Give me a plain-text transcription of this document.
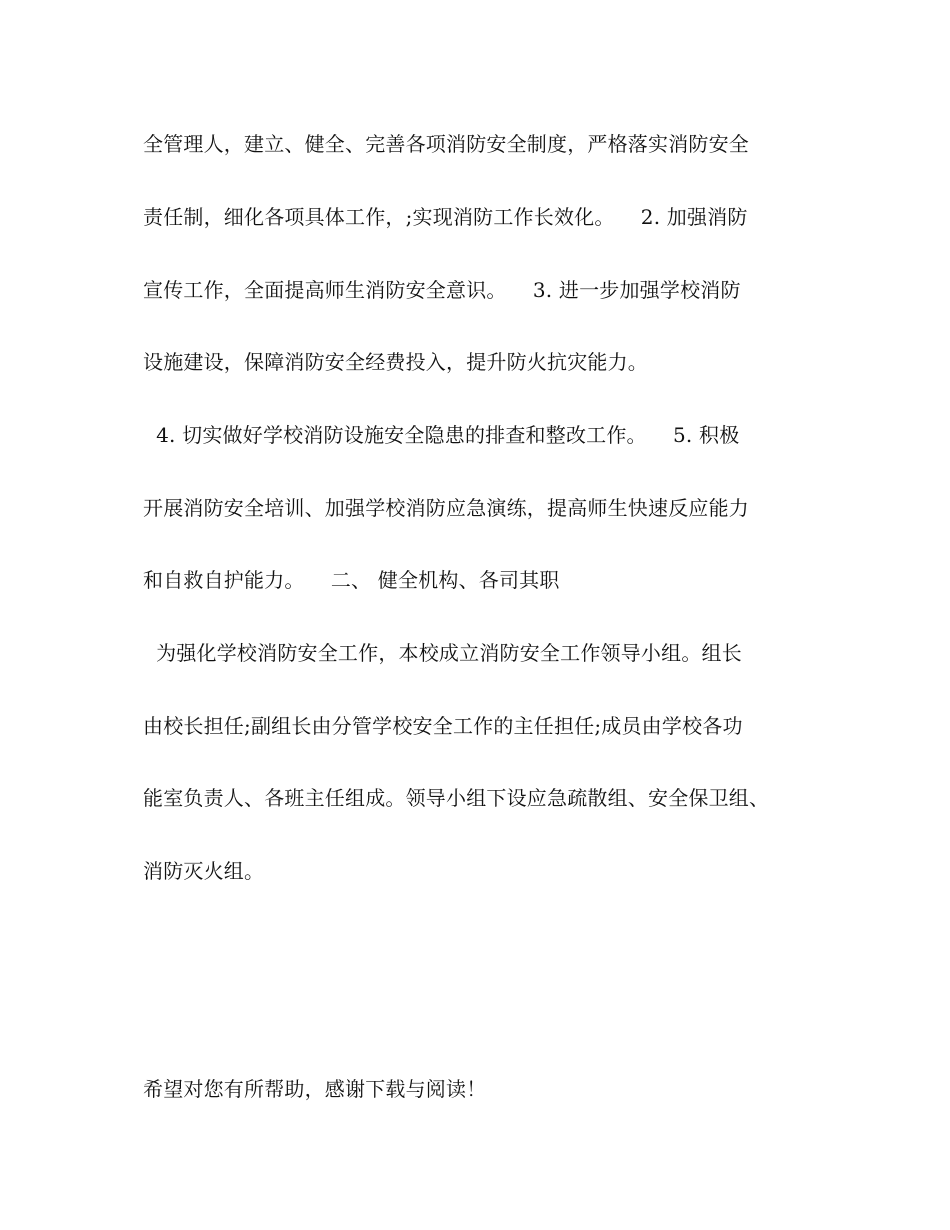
全管理人，建立、健全、完善各项消防安全制度，严格落实消防安全
责任制，细化各项具体工作，;实现消防工作长效化。    2. 加强消防
宣传工作，全面提高师生消防安全意识。    3. 进一步加强学校消防
设施建设，保障消防安全经费投入，提升防火抗灾能力。
4. 切实做好学校消防设施安全隐患的排查和整改工作。    5. 积极
开展消防安全培训、加强学校消防应急演练，提高师生快速反应能力
和自救自护能力。    二、 健全机构、各司其职
为强化学校消防安全工作，本校成立消防安全工作领导小组。组长
由校长担任;副组长由分管学校安全工作的主任担任;成员由学校各功
能室负责人、各班主任组成。领导小组下设应急疏散组、安全保卫组、
消防灭火组。
希望对您有所帮助，感谢下载与阅读！
